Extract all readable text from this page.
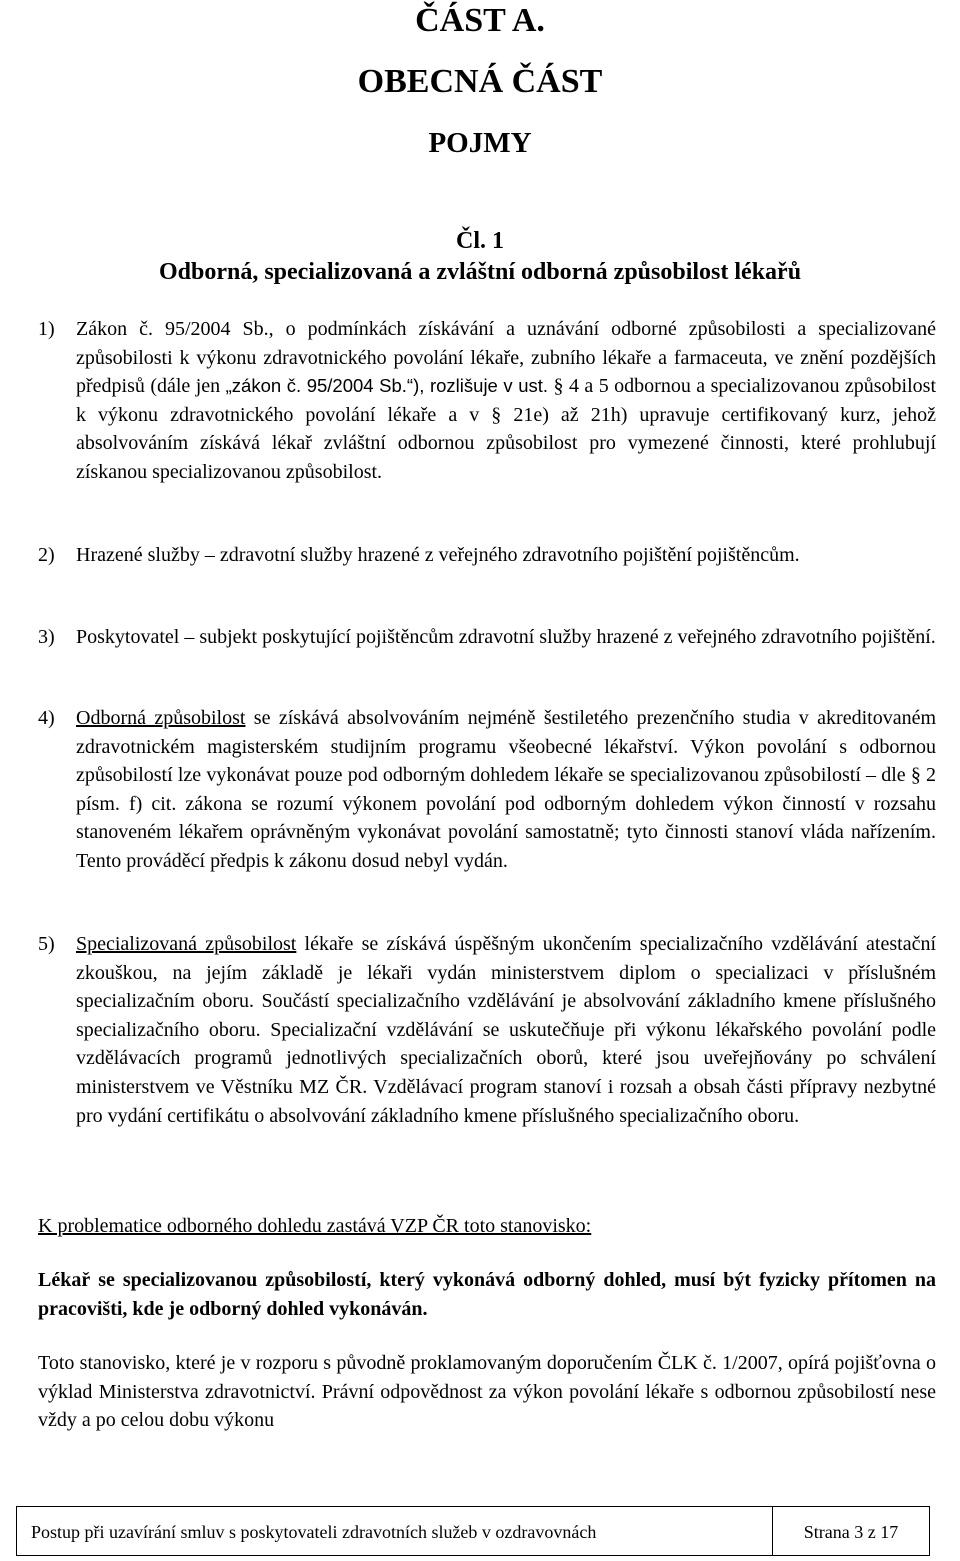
ČÁST A.
OBECNÁ ČÁST
POJMY
Čl. 1
Odborná, specializovaná a zvláštní odborná způsobilost lékařů
1)	Zákon č. 95/2004 Sb., o podmínkách získávání a uznávání odborné způsobilosti a specializované způsobilosti k výkonu zdravotnického povolání lékaře, zubního lékaře a farmaceuta, ve znění pozdějších předpisů (dále jen „zákon č. 95/2004 Sb.“), rozlišuje v ust. § 4 a 5 odbornou a specializovanou způsobilost k výkonu zdravotnického povolání lékaře a v § 21e) až 21h) upravuje certifikovaný kurz, jehož absolvováním získává lékař zvláštní odbornou způsobilost pro vymezené činnosti, které prohlubují získanou specializovanou způsobilost.
2)	Hrazené služby – zdravotní služby hrazené z veřejného zdravotního pojištění pojištěncům.
3)	Poskytovatel – subjekt poskytující pojištěncům zdravotní služby hrazené z veřejného zdravotního pojištění.
4)	Odborná způsobilost se získává absolvováním nejméně šestiletého prezenčního studia v akreditovaném zdravotnickém magisterském studijním programu všeobecné lékařství. Výkon povolání s odbornou způsobilostí lze vykonávat pouze pod odborným dohledem lékaře se specializovanou způsobilostí – dle § 2 písm. f) cit. zákona se rozumí výkonem povolání pod odborným dohledem výkon činností v rozsahu stanoveném lékařem oprávněným vykonávat povolání samostatně; tyto činnosti stanoví vláda nařízením. Tento prováděcí předpis k zákonu dosud nebyl vydán.
5)	Specializovaná způsobilost lékaře se získává úspěšným ukončením specializačního vzdělávání atestační zkouškou, na jejím základě je lékaři vydán ministerstvem diplom o specializaci v příslušném specializačním oboru. Součástí specializačního vzdělávání je absolvování základního kmene příslušného specializačního oboru. Specializační vzdělávání se uskutečňuje při výkonu lékařského povolání podle vzdělávacích programů jednotlivých specializačních oborů, které jsou uveřejňovány po schválení ministerstvem ve Věstníku MZ ČR. Vzdělávací program stanoví i rozsah a obsah části přípravy nezbytné pro vydání certifikátu o absolvování základního kmene příslušného specializačního oboru.
K problematice odborného dohledu zastává VZP ČR toto stanovisko:
Lékař se specializovanou způsobilostí, který vykonává odborný dohled, musí být fyzicky přítomen na pracovišti, kde je odborný dohled vykonáván.
Toto stanovisko, které je v rozporu s původně proklamovaným doporučením ČLK č. 1/2007, opírá pojišťovna o výklad Ministerstva zdravotnictví. Právní odpovědnost za výkon povolání lékaře s odbornou způsobilostí nese vždy a po celou dobu výkonu
Postup při uzavírání smluv s poskytovateli zdravotních služeb v ozdravovnách	Strana 3 z 17
